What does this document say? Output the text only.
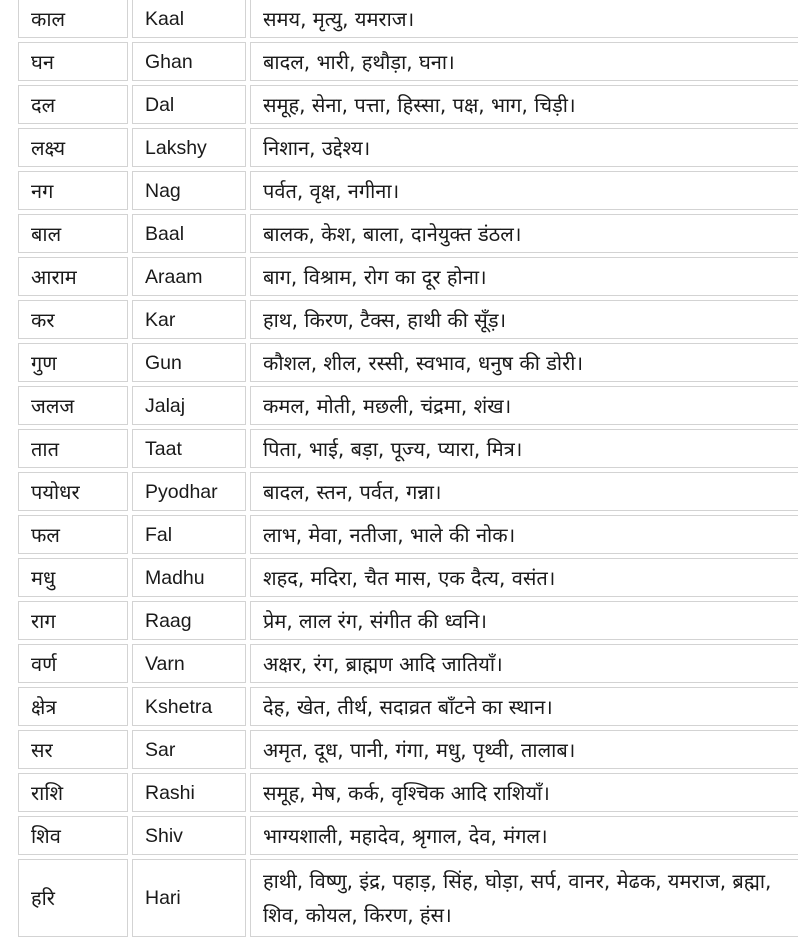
काल	Kaal	समय, मृत्यु, यमराज।
घन	Ghan	बादल, भारी, हथौड़ा, घना।
दल	Dal	समूह, सेना, पत्ता, हिस्सा, पक्ष, भाग, चिड़ी।
लक्ष्य	Lakshy	निशान, उद्देश्य।
नग	Nag	पर्वत, वृक्ष, नगीना।
बाल	Baal	बालक, केश, बाला, दानेयुक्त डंठल।
आराम	Araam	बाग, विश्राम, रोग का दूर होना।
कर	Kar	हाथ, किरण, टैक्स, हाथी की सूँड़।
गुण	Gun	कौशल, शील, रस्सी, स्वभाव, धनुष की डोरी।
जलज	Jalaj	कमल, मोती, मछली, चंद्रमा, शंख।
तात	Taat	पिता, भाई, बड़ा, पूज्य, प्यारा, मित्र।
पयोधर	Pyodhar	बादल, स्तन, पर्वत, गन्ना।
फल	Fal	लाभ, मेवा, नतीजा, भाले की नोक।
मधु	Madhu	शहद, मदिरा, चैत मास, एक दैत्य, वसंत।
राग	Raag	प्रेम, लाल रंग, संगीत की ध्वनि।
वर्ण	Varn	अक्षर, रंग, ब्राह्मण आदि जातियाँ।
क्षेत्र	Kshetra	देह, खेत, तीर्थ, सदाव्रत बाँटने का स्थान।
सर	Sar	अमृत, दूध, पानी, गंगा, मधु, पृथ्वी, तालाब।
राशि	Rashi	समूह, मेष, कर्क, वृश्चिक आदि राशियाँ।
शिव	Shiv	भाग्यशाली, महादेव, श्रृगाल, देव, मंगल।
हरि	Hari	हाथी, विष्णु, इंद्र, पहाड़, सिंह, घोड़ा, सर्प, वानर, मेढक, यमराज, ब्रह्मा, शिव, कोयल, किरण, हंस।
